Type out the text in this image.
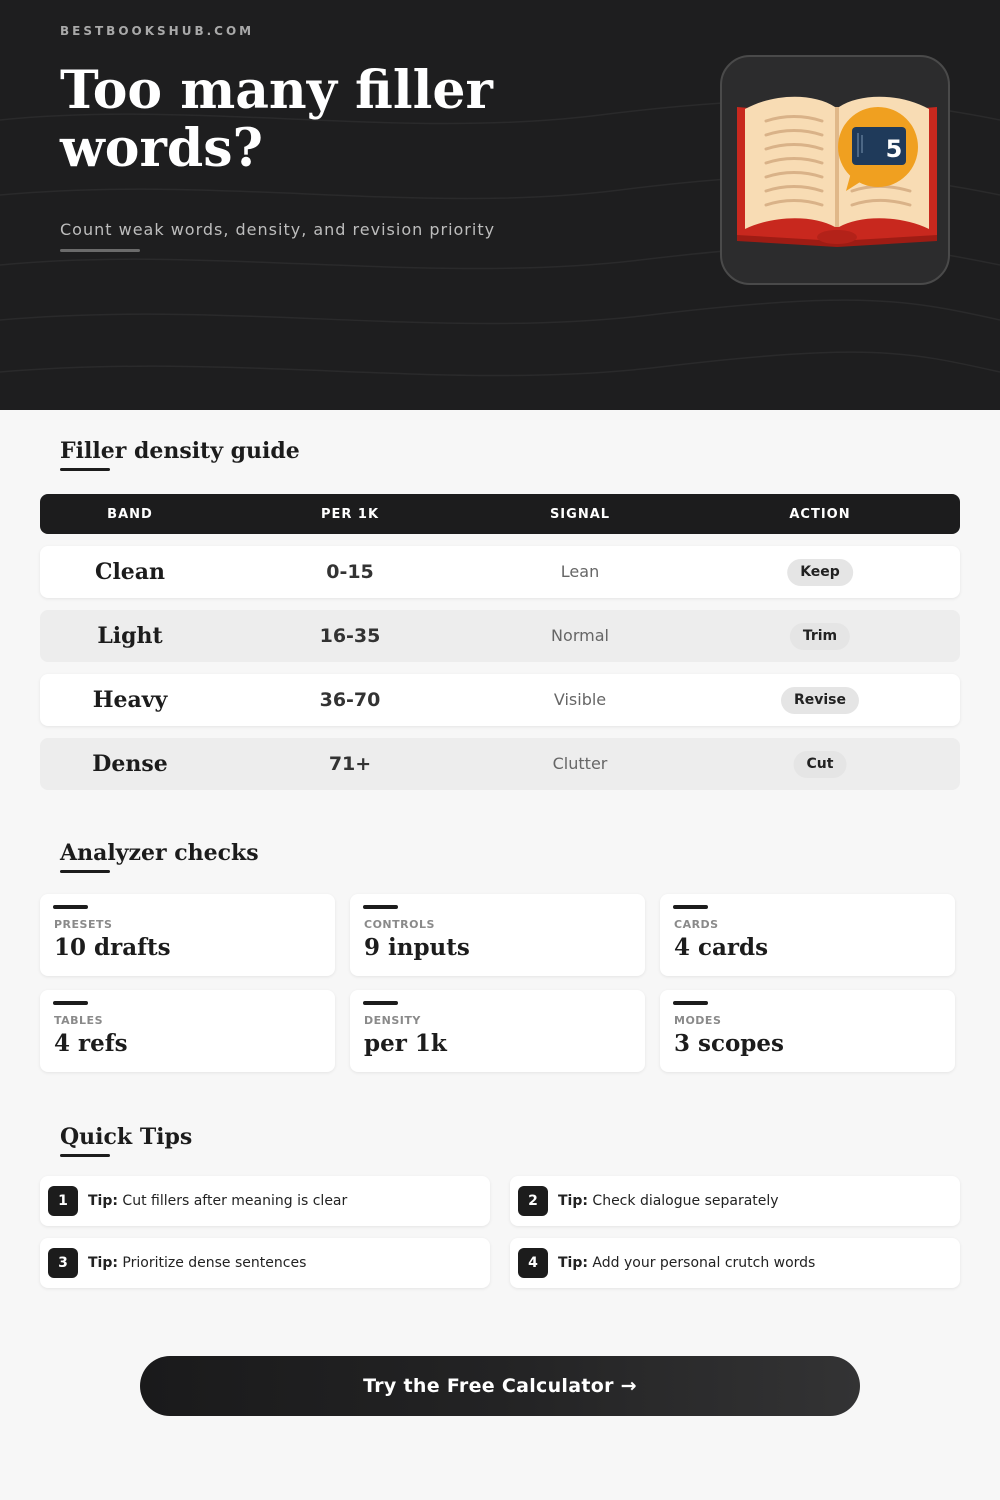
BESTBOOKSHUB.COM
Too many filler words?
Count weak words, density, and revision priority
5
Filler density guide
BAND	PER 1K	SIGNAL	ACTION
Clean	0-15	Lean	Keep
Light	16-35	Normal	Trim
Heavy	36-70	Visible	Revise
Dense	71+	Clutter	Cut
Analyzer checks
PRESETS
10 drafts
CONTROLS
9 inputs
CARDS
4 cards
TABLES
4 refs
DENSITY
per 1k
MODES
3 scopes
Quick Tips
1	Tip: Cut fillers after meaning is clear	2	Tip: Check dialogue separately
3	Tip: Prioritize dense sentences	4	Tip: Add your personal crutch words
Try the Free Calculator →
